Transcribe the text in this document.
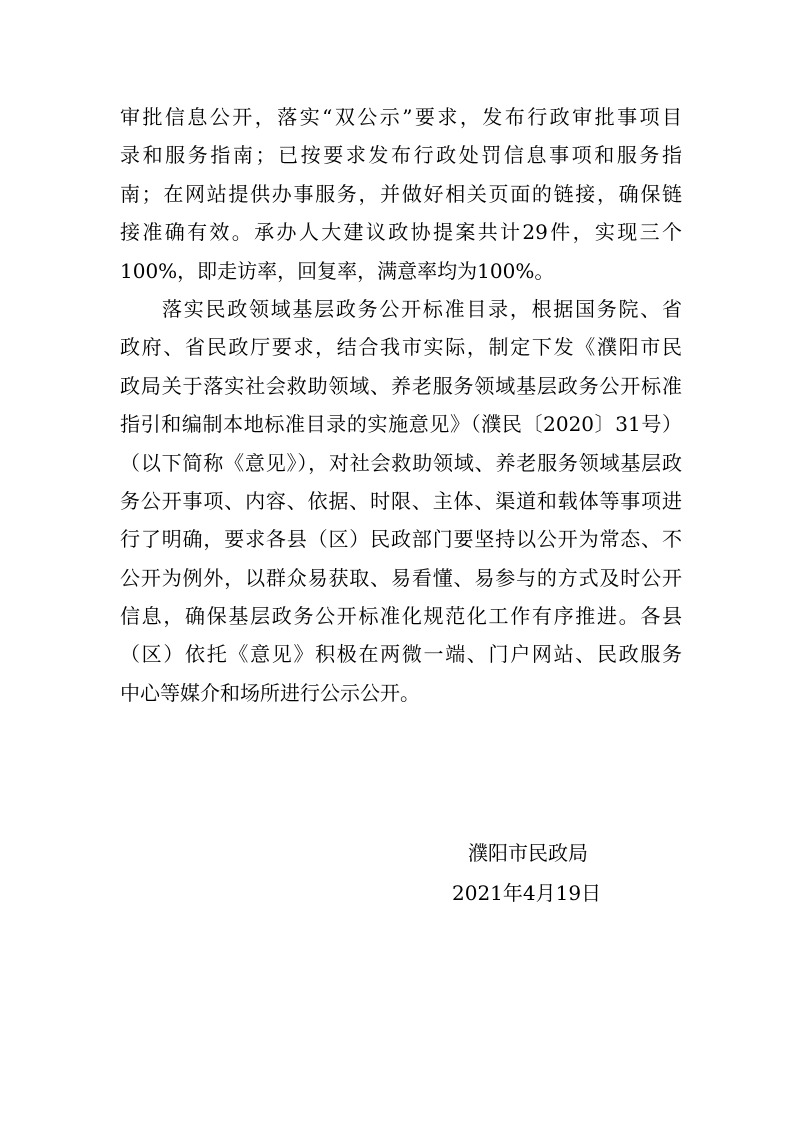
审批信息公开，落实“双公示”要求，发布行政审批事项目
录和服务指南；已按要求发布行政处罚信息事项和服务指
南；在网站提供办事服务，并做好相关页面的链接，确保链
接准确有效。承办人大建议政协提案共计29件，实现三个
100%，即走访率，回复率，满意率均为100%。
落实民政领域基层政务公开标准目录，根据国务院、省
政府、省民政厅要求，结合我市实际，制定下发《濮阳市民
政局关于落实社会救助领域、养老服务领域基层政务公开标准
指引和编制本地标准目录的实施意见》（濮民〔2020〕31号）
（以下简称《意见》），对社会救助领域、养老服务领域基层政
务公开事项、内容、依据、时限、主体、渠道和载体等事项进
行了明确，要求各县（区）民政部门要坚持以公开为常态、不
公开为例外，以群众易获取、易看懂、易参与的方式及时公开
信息，确保基层政务公开标准化规范化工作有序推进。各县
（区）依托《意见》积极在两微一端、门户网站、民政服务
中心等媒介和场所进行公示公开。
濮阳市民政局
2021年4月19日
